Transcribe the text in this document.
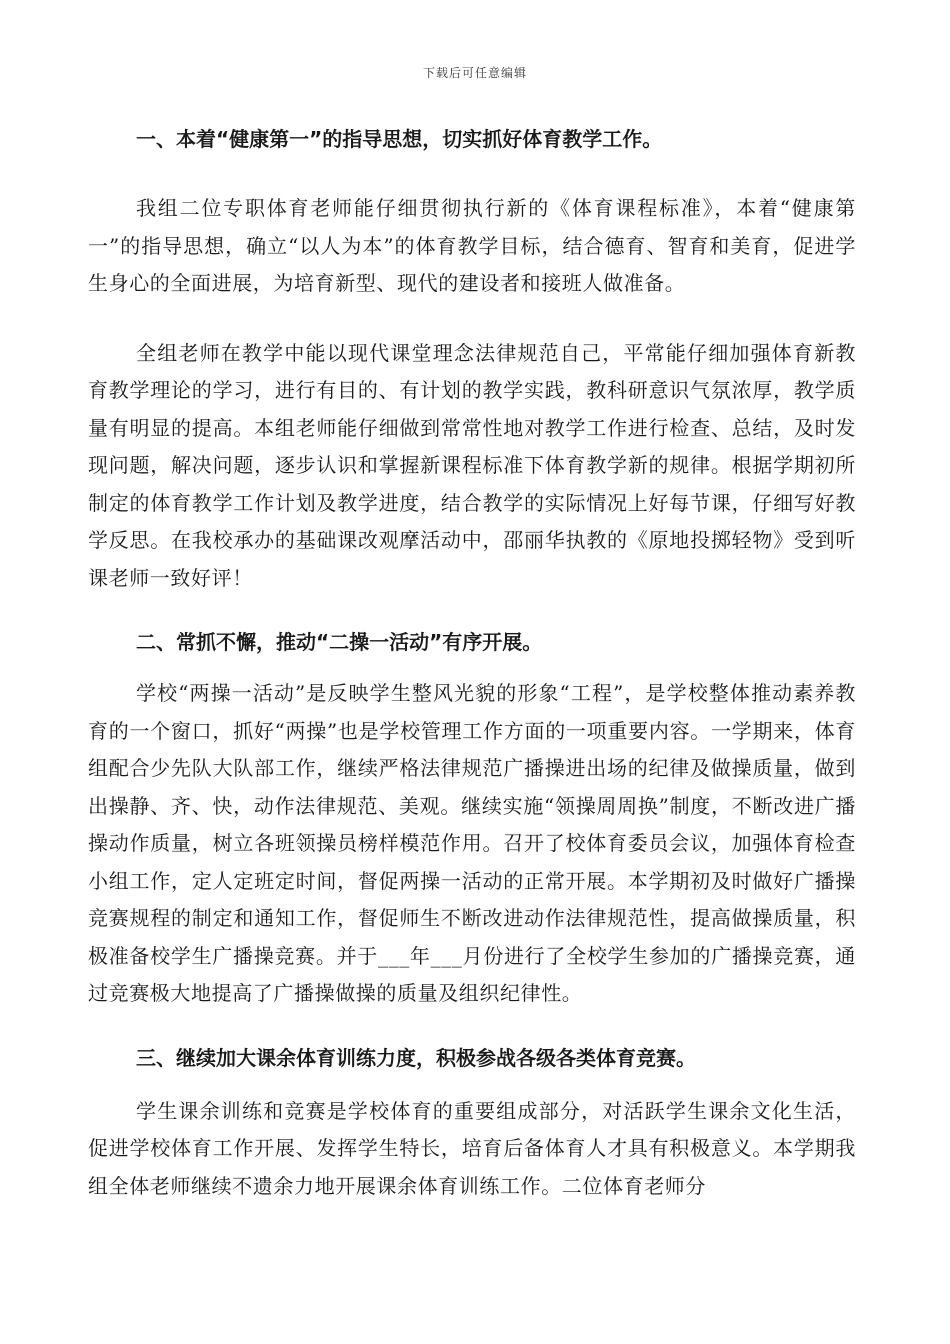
下载后可任意编辑
一、本着“健康第一”的指导思想，切实抓好体育教学工作。

我组二位专职体育老师能仔细贯彻执行新的《体育课程标准》，本着“健康第一”的指导思想，确立“以人为本”的体育教学目标，结合德育、智育和美育，促进学生身心的全面进展，为培育新型、现代的建设者和接班人做准备。

全组老师在教学中能以现代课堂理念法律规范自己，平常能仔细加强体育新教育教学理论的学习，进行有目的、有计划的教学实践，教科研意识气氛浓厚，教学质量有明显的提高。本组老师能仔细做到常常性地对教学工作进行检查、总结，及时发现问题，解决问题，逐步认识和掌握新课程标准下体育教学新的规律。根据学期初所制定的体育教学工作计划及教学进度，结合教学的实际情况上好每节课，仔细写好教学反思。在我校承办的基础课改观摩活动中，邵丽华执教的《原地投掷轻物》受到听课老师一致好评！

二、常抓不懈，推动“二操一活动”有序开展。

学校“两操一活动”是反映学生整风光貌的形象“工程”，是学校整体推动素养教育的一个窗口，抓好“两操”也是学校管理工作方面的一项重要内容。一学期来，体育组配合少先队大队部工作，继续严格法律规范广播操进出场的纪律及做操质量，做到出操静、齐、快，动作法律规范、美观。继续实施“领操周周换”制度，不断改进广播操动作质量，树立各班领操员榜样模范作用。召开了校体育委员会议，加强体育检查小组工作，定人定班定时间，督促两操一活动的正常开展。本学期初及时做好广播操竞赛规程的制定和通知工作，督促师生不断改进动作法律规范性，提高做操质量，积极准备校学生广播操竞赛。并于___年___月份进行了全校学生参加的广播操竞赛，通过竞赛极大地提高了广播操做操的质量及组织纪律性。

三、继续加大课余体育训练力度，积极参战各级各类体育竞赛。

学生课余训练和竞赛是学校体育的重要组成部分，对活跃学生课余文化生活，促进学校体育工作开展、发挥学生特长，培育后备体育人才具有积极意义。本学期我组全体老师继续不遗余力地开展课余体育训练工作。二位体育老师分
